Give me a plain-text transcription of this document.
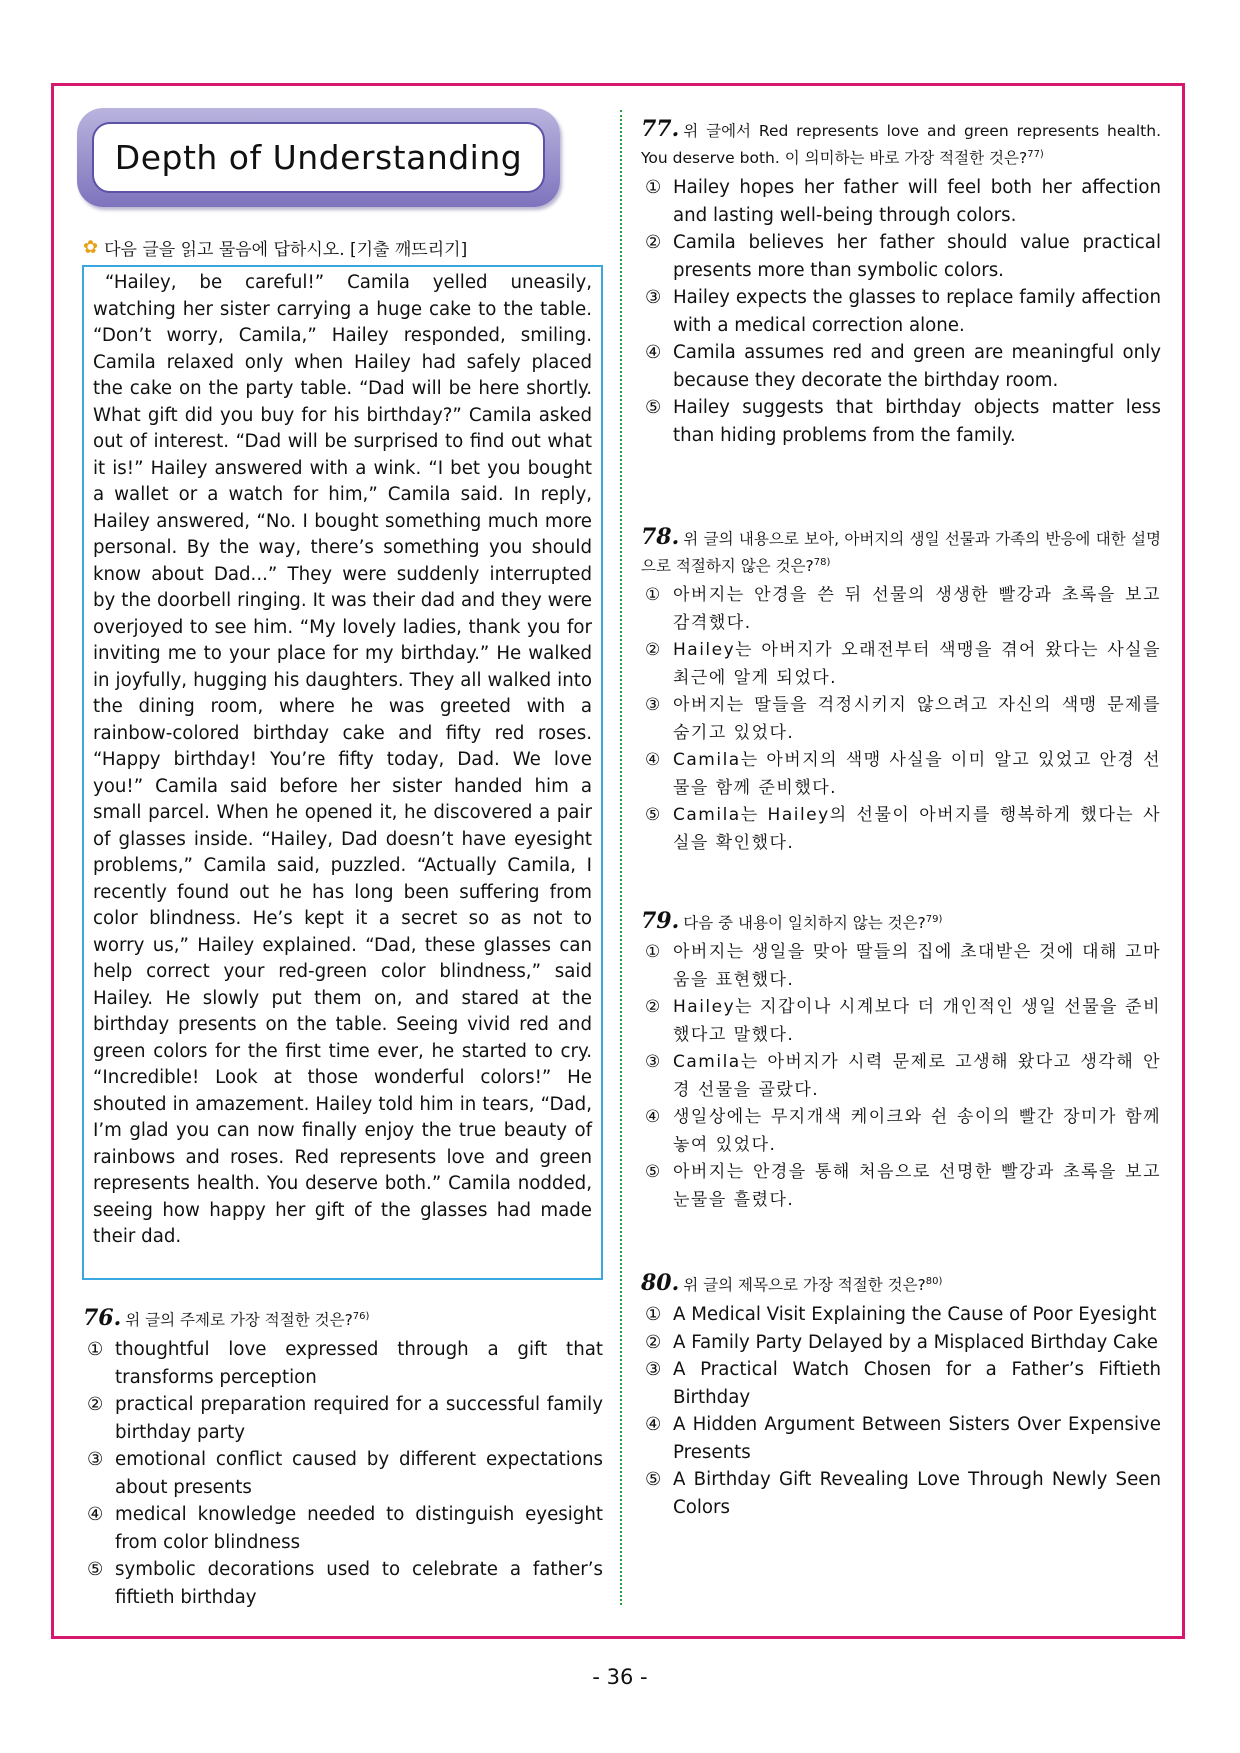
Depth of Understanding
✿ 다음 글을 읽고 물음에 답하시오. [기출 깨뜨리기]

“Hailey, be careful!” Camila yelled uneasily, watching her sister carrying a huge cake to the table. “Don’t worry, Camila,” Hailey responded, smiling. Camila relaxed only when Hailey had safely placed the cake on the party table. “Dad will be here shortly. What gift did you buy for his birthday?” Camila asked out of interest. “Dad will be surprised to find out what it is!” Hailey answered with a wink. “I bet you bought a wallet or a watch for him,” Camila said. In reply, Hailey answered, “No. I bought something much more personal. By the way, there’s something you should know about Dad...” They were suddenly interrupted by the doorbell ringing. It was their dad and they were overjoyed to see him. “My lovely ladies, thank you for inviting me to your place for my birthday.” He walked in joyfully, hugging his daughters. They all walked into the dining room, where he was greeted with a rainbow-colored birthday cake and fifty red roses. “Happy birthday! You’re fifty today, Dad. We love you!” Camila said before her sister handed him a small parcel. When he opened it, he discovered a pair of glasses inside. “Hailey, Dad doesn’t have eyesight problems,” Camila said, puzzled. “Actually Camila, I recently found out he has long been suffering from color blindness. He’s kept it a secret so as not to worry us,” Hailey explained. “Dad, these glasses can help correct your red-green color blindness,” said Hailey. He slowly put them on, and stared at the birthday presents on the table. Seeing vivid red and green colors for the first time ever, he started to cry. “Incredible! Look at those wonderful colors!” He shouted in amazement. Hailey told him in tears, “Dad, I’m glad you can now finally enjoy the true beauty of rainbows and roses. Red represents love and green represents health. You deserve both.” Camila nodded, seeing how happy her gift of the glasses had made their dad.

76. 위 글의 주제로 가장 적절한 것은?$^{76)}$
① thoughtful love expressed through a gift that transforms perception
② practical preparation required for a successful family birthday party
③ emotional conflict caused by different expectations about presents
④ medical knowledge needed to distinguish eyesight from color blindness
⑤ symbolic decorations used to celebrate a father’s fiftieth birthday
77. 위 글에서 Red represents love and green represents health. You deserve both. 이 의미하는 바로 가장 적절한 것은?$^{77)}$
① Hailey hopes her father will feel both her affection and lasting well-being through colors.
② Camila believes her father should value practical presents more than symbolic colors.
③ Hailey expects the glasses to replace family affection with a medical correction alone.
④ Camila assumes red and green are meaningful only because they decorate the birthday room.
⑤ Hailey suggests that birthday objects matter less than hiding problems from the family.
78. 위 글의 내용으로 보아, 아버지의 생일 선물과 가족의 반응에 대한 설명으로 적절하지 않은 것은?$^{78)}$
① 아버지는 안경을 쓴 뒤 선물의 생생한 빨강과 초록을 보고 감격했다.
② Hailey는 아버지가 오래전부터 색맹을 겪어 왔다는 사실을 최근에 알게 되었다.
③ 아버지는 딸들을 걱정시키지 않으려고 자신의 색맹 문제를 숨기고 있었다.
④ Camila는 아버지의 색맹 사실을 이미 알고 있었고 안경 선물을 함께 준비했다.
⑤ Camila는 Hailey의 선물이 아버지를 행복하게 했다는 사실을 확인했다.
79. 다음 중 내용이 일치하지 않는 것은?$^{79)}$
① 아버지는 생일을 맞아 딸들의 집에 초대받은 것에 대해 고마움을 표현했다.
② Hailey는 지갑이나 시계보다 더 개인적인 생일 선물을 준비했다고 말했다.
③ Camila는 아버지가 시력 문제로 고생해 왔다고 생각해 안경 선물을 골랐다.
④ 생일상에는 무지개색 케이크와 쉰 송이의 빨간 장미가 함께 놓여 있었다.
⑤ 아버지는 안경을 통해 처음으로 선명한 빨강과 초록을 보고 눈물을 흘렸다.
80. 위 글의 제목으로 가장 적절한 것은?$^{80)}$
① A Medical Visit Explaining the Cause of Poor Eyesight
② A Family Party Delayed by a Misplaced Birthday Cake
③ A Practical Watch Chosen for a Father’s Fiftieth Birthday
④ A Hidden Argument Between Sisters Over Expensive Presents
⑤ A Birthday Gift Revealing Love Through Newly Seen Colors
- 36 -
